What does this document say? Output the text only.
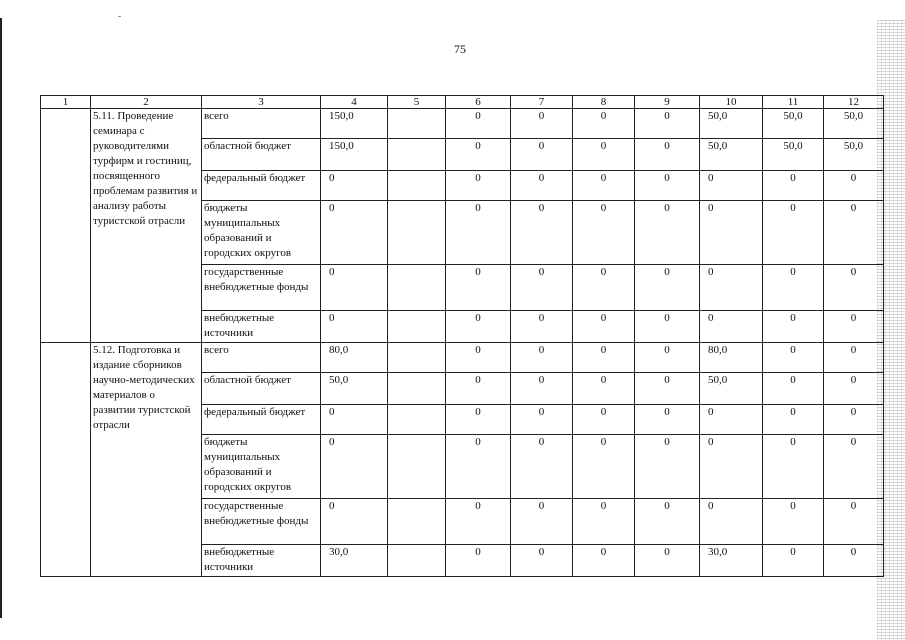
75
1	2	3	4	5	6	7	8	9	10	11	12
	5.11. Проведение семинара с руководителями турфирм и гостиниц, посвященного проблемам развития и анализу работы туристской отрасли	всего	150,0		0	0	0	0	50,0	50,0	50,0
		областной бюджет	150,0		0	0	0	0	50,0	50,0	50,0
		федеральный бюджет	0		0	0	0	0	0	0	0
		бюджеты муниципальных образований и городских округов	0		0	0	0	0	0	0	0
		государственные внебюджетные фонды	0		0	0	0	0	0	0	0
		внебюджетные источники	0		0	0	0	0	0	0	0
	5.12. Подготовка и издание сборников научно-методических материалов о развитии туристской отрасли	всего	80,0		0	0	0	0	80,0	0	0
		областной бюджет	50,0		0	0	0	0	50,0	0	0
		федеральный бюджет	0		0	0	0	0	0	0	0
		бюджеты муниципальных образований и городских округов	0		0	0	0	0	0	0	0
		государственные внебюджетные фонды	0		0	0	0	0	0	0	0
		внебюджетные источники	30,0		0	0	0	0	30,0	0	0
